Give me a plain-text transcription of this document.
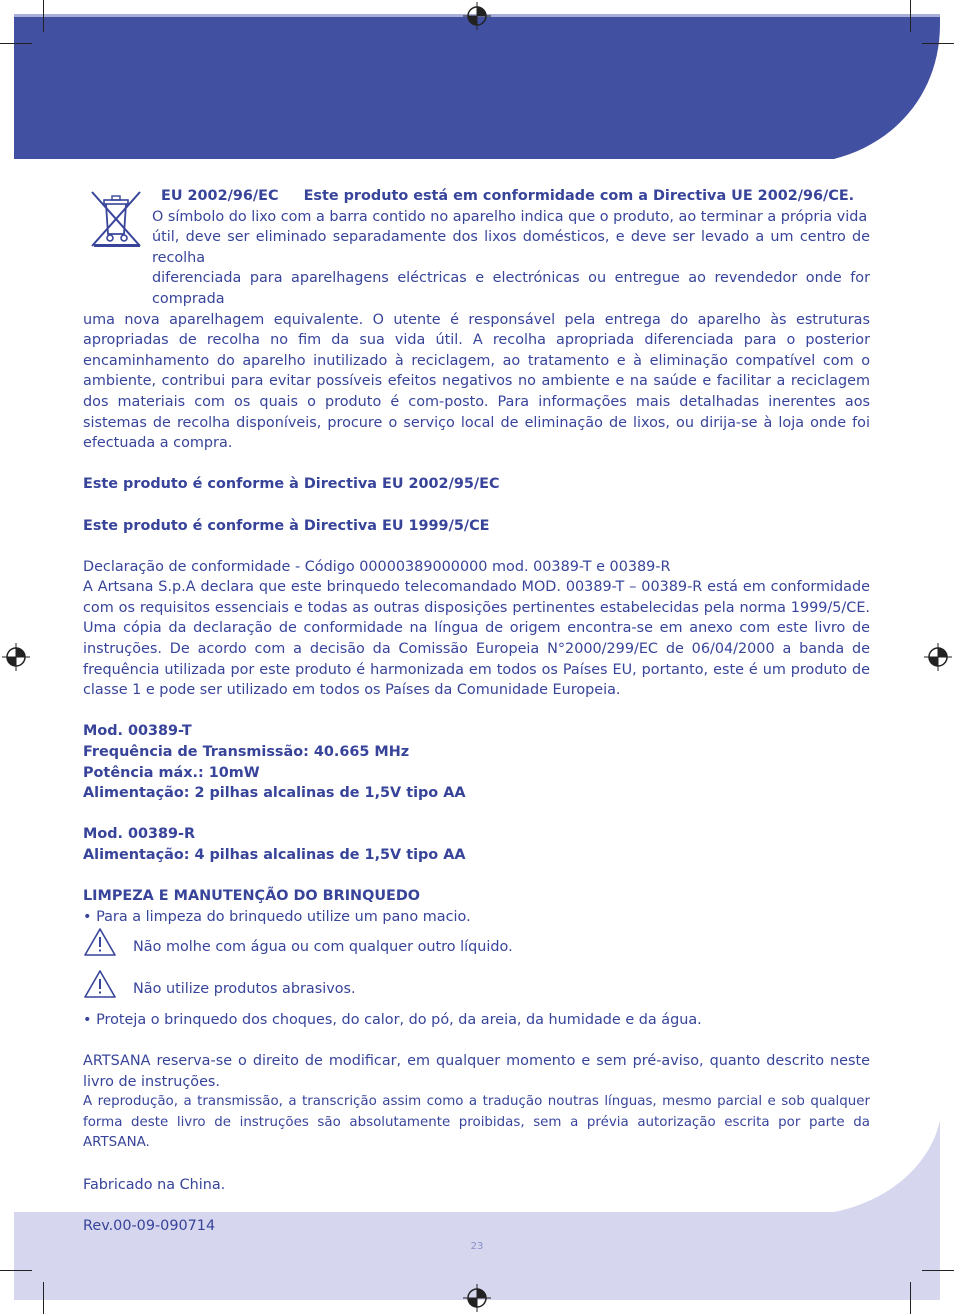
EU 2002/96/EC Este produto está em conformidade com a Directiva UE 2002/96/CE.

O símbolo do lixo com a barra contido no aparelho indica que o produto, ao terminar a própria vida

útil, deve ser eliminado separadamente dos lixos domésticos, e deve ser levado a um centro de recolha

diferenciada para aparelhagens eléctricas e electrónicas ou entregue ao revendedor onde for comprada

uma nova aparelhagem equivalente. O utente é responsável pela entrega do aparelho às estruturas apropriadas de recolha no fim da sua vida útil. A recolha apropriada diferenciada para o posterior encaminhamento do aparelho inutilizado à reciclagem, ao tratamento e à eliminação compatível com o ambiente, contribui para evitar possíveis efeitos negativos no ambiente e na saúde e facilitar a reciclagem dos materiais com os quais o produto é com-posto. Para informações mais detalhadas inerentes aos sistemas de recolha disponíveis, procure o serviço local de eliminação de lixos, ou dirija-se à loja onde foi efectuada a compra.

Este produto é conforme à Directiva EU 2002/95/EC

Este produto é conforme à Directiva EU 1999/5/CE

Declaração de conformidade - Código 00000389000000 mod. 00389-T e 00389-R

A Artsana S.p.A declara que este brinquedo telecomandado MOD. 00389-T – 00389-R está em conformidade com os requisitos essenciais e todas as outras disposições pertinentes estabelecidas pela norma 1999/5/CE. Uma cópia da declaração de conformidade na língua de origem encontra-se em anexo com este livro de instruções. De acordo com a decisão da Comissão Europeia N°2000/299/EC de 06/04/2000 a banda de frequência utilizada por este produto é harmonizada em todos os Países EU, portanto, este é um produto de classe 1 e pode ser utilizado em todos os Países da Comunidade Europeia.

Mod. 00389-T

Frequência de Transmissão: 40.665 MHz

Potência máx.: 10mW

Alimentação: 2 pilhas alcalinas de 1,5V tipo AA

Mod. 00389-R

Alimentação: 4 pilhas alcalinas de 1,5V tipo AA

LIMPEZA E MANUTENÇÃO DO BRINQUEDO

• Para a limpeza do brinquedo utilize um pano macio.

Não molhe com água ou com qualquer outro líquido.
Não utilize produtos abrasivos.

• Proteja o brinquedo dos choques, do calor, do pó, da areia, da humidade e da água.

ARTSANA reserva-se o direito de modificar, em qualquer momento e sem pré-aviso, quanto descrito neste livro de instruções.

A reprodução, a transmissão, a transcrição assim como a tradução noutras línguas, mesmo parcial e sob qualquer forma deste livro de instruções são absolutamente proibidas, sem a prévia autorização escrita por parte da ARTSANA.

Fabricado na China.

Rev.00-09-090714

23
